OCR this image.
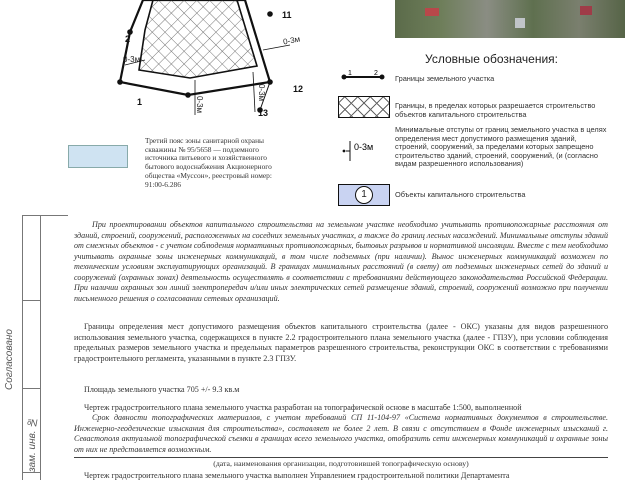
2
11
1
12
13
0-3м
0-3м
0-3м
0-3м
Условные обозначения:
1	2
Границы земельного участка
Границы, в пределах которых разрешается строительство объектов капитального строительства
0-3м
Минимальные отступы от границ земельного участка в целях определения мест допустимого размещения зданий, строений, сооружений, за пределами которых запрещено строительство зданий, строений, сооружений, (и (согласно видам разрешенного использования)
1	Объекты капитального строительства
Третий пояс зоны санитарной охраны скважины № 95/5658 — подземного источника питьевого и хозяйственного бытового водоснабжения Акционерного общества «Муссон», реестровый номер: 91:00-6.286
Согласовано
зам. инв. №
При проектировании объектов капитального строительства на земельном участке необходимо учитывать противопожарные расстояния от зданий, строений, сооружений, расположенных на соседних земельных участках, а также до границ лесных насаждений. Минимальные отступы зданий от смежных объектов - с учетом соблюдения нормативных противопожарных, бытовых разрывов и нормативной инсоляции. Вместе с тем необходимо учитывать охранные зоны инженерных коммуникаций, в том числе подземных (при наличии). Вынос инженерных коммуникаций возможен по техническим условиям эксплуатирующих организаций. В границах минимальных расстояний (в свету) от подземных инженерных сетей до зданий и сооружений (охранных зонах) деятельность осуществлять в соответствии с требованиями действующего законодательства Российской Федерации. При наличии охранных зон линий электропередач и/или иных электрических сетей размещение зданий, строений, сооружений возможно при получении письменного решения о согласовании сетевых организаций.
Границы определения мест допустимого размещения объектов капитального строительства (далее - ОКС) указаны для видов разрешенного использования земельного участка, содержащихся в пункте 2.2 градостроительного плана земельного участка (далее - ГПЗУ), при условии соблюдения предельных размеров земельного участка и предельных параметров разрешенного строительства, реконструкции ОКС в соответствии с требованиями градостроительного регламента, указанными в пункте 2.3 ГПЗУ.
Площадь земельного участка 705 +/- 9.3 кв.м
Чертеж градостроительного плана земельного участка разработан на топографической основе в масштабе 1:500, выполненной
Срок давности топографических материалов, с учетом требований СП 11-104-97 «Система нормативных документов в строительстве. Инженерно-геодезические изыскания для строительства», составляет не более 2 лет. В связи с отсутствием в Фонде инженерных изысканий г. Севастополя актуальной топографической съемки в границах всего земельного участка, отобразить сети инженерных коммуникаций и охранные зоны от них не представляется возможным.
(дата, наименования организации, подготовившей топографическую основу)
Чертеж градостроительного плана земельного участка выполнен Управлением градостроительной политики Департамента
